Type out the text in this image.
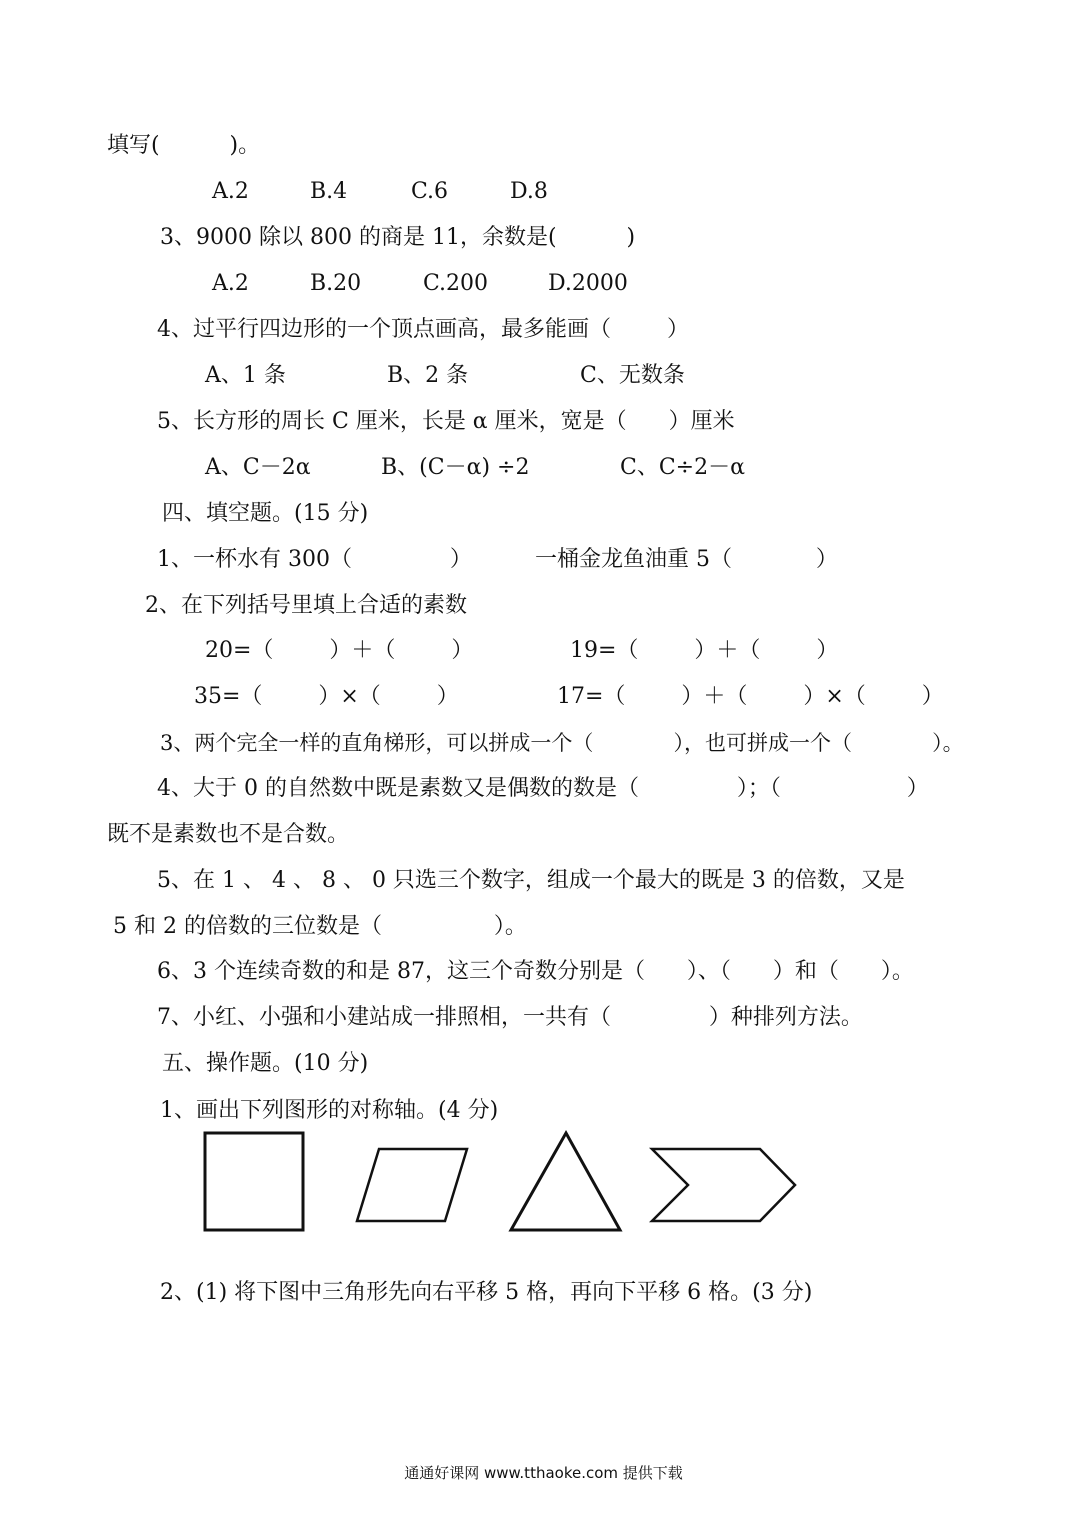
填写(          )。
A.2	B.4	C.6	D.8
3、9000 除以 800 的商是 11，余数是(          )
A.2	B.20	C.200	D.2000
4、过平行四边形的一个顶点画高，最多能画（        ）
A、1 条	B、2 条	C、无数条
5、长方形的周长 C 厘米，长是 α 厘米，宽是（      ）厘米
A、C－2α	B、(C－α) ÷2	C、C÷2－α
四、填空题。(15 分)
1、一杯水有 300（              ）	一桶金龙鱼油重 5（            ）
2、在下列括号里填上合适的素数
20=（        ）＋（        ）	19=（        ）＋（        ）
35=（        ）×（        ）	17=（        ）＋（        ）×（        ）
3、两个完全一样的直角梯形，可以拼成一个（            ），也可拼成一个（            ）。
4、大于 0 的自然数中既是素数又是偶数的数是（              ）；（                  ）
既不是素数也不是合数。
5、在 1 、 4 、 8 、 0 只选三个数字，组成一个最大的既是 3 的倍数，又是
5 和 2 的倍数的三位数是（                ）。
6、3 个连续奇数的和是 87，这三个奇数分别是（      ）、（      ）和（      ）。
7、小红、小强和小建站成一排照相，一共有（              ）种排列方法。
五、操作题。(10 分)
1、画出下列图形的对称轴。(4 分)
2、(1) 将下图中三角形先向右平移 5 格，再向下平移 6 格。(3 分)
通通好课网 www.tthaoke.com 提供下载
